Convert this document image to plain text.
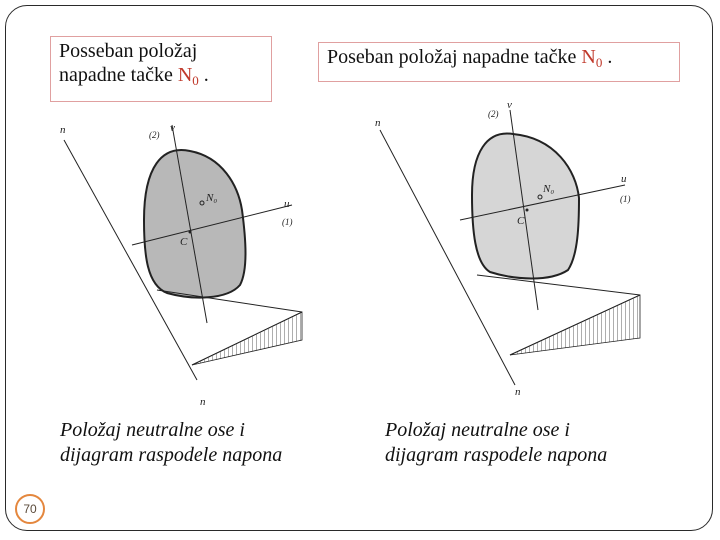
Posseban položaj
napadne tačke $N_0$ .
Poseban položaj napadne tačke $N_0$ .
n	v
(2)
u
(1)
N₀
C
n
n
v
(2)
u
(1)
N₀
C
n
Položaj neutralne ose i
dijagram raspodele napona
Položaj neutralne ose i
dijagram raspodele napona
70
